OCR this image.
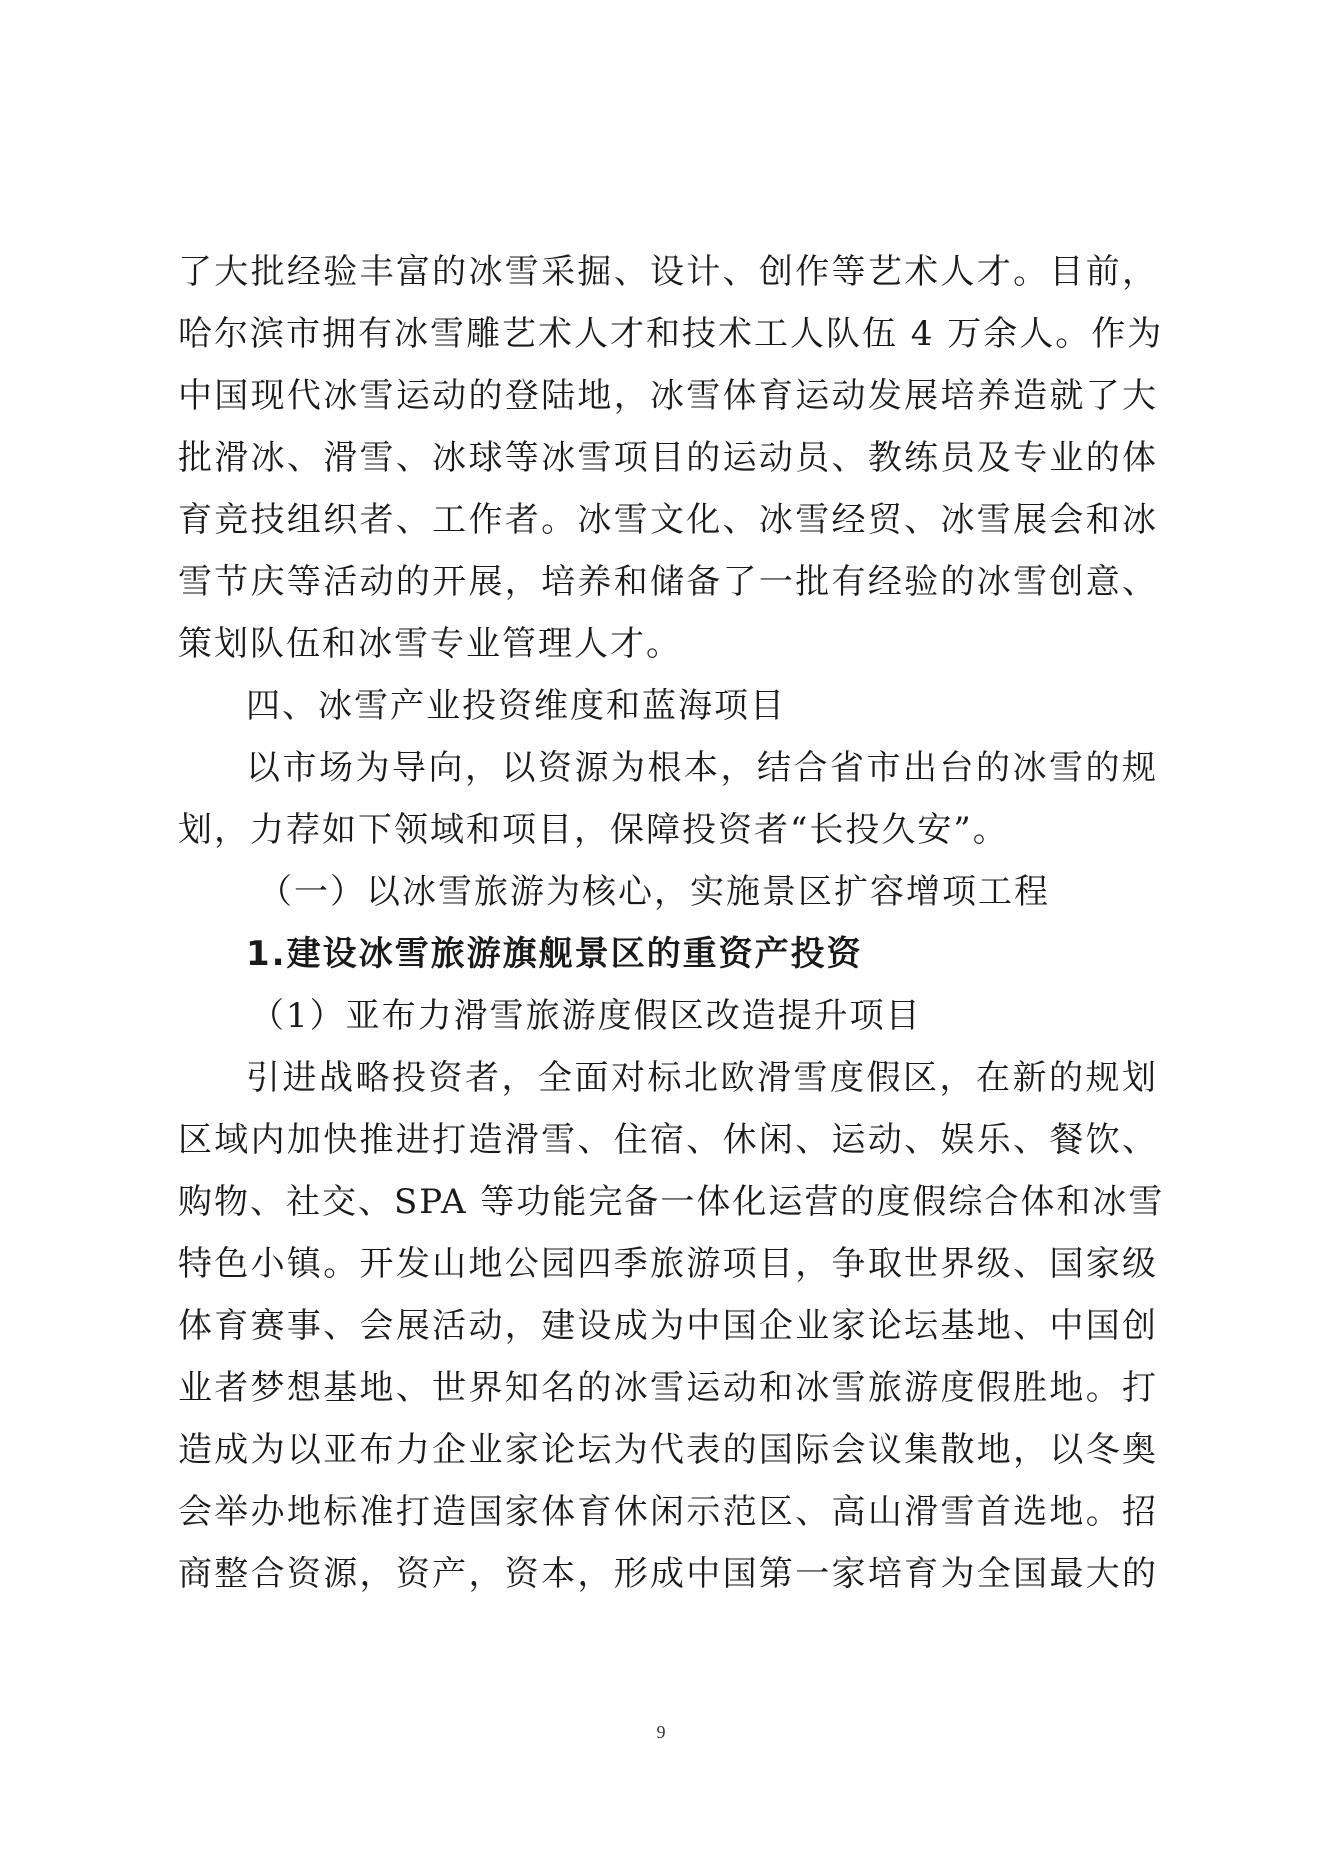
了大批经验丰富的冰雪采掘、设计、创作等艺术人才。目前，
哈尔滨市拥有冰雪雕艺术人才和技术工人队伍 4 万余人。作为
中国现代冰雪运动的登陆地，冰雪体育运动发展培养造就了大
批滑冰、滑雪、冰球等冰雪项目的运动员、教练员及专业的体
育竞技组织者、工作者。冰雪文化、冰雪经贸、冰雪展会和冰
雪节庆等活动的开展，培养和储备了一批有经验的冰雪创意、
策划队伍和冰雪专业管理人才。
四、冰雪产业投资维度和蓝海项目
以市场为导向，以资源为根本，结合省市出台的冰雪的规
划，力荐如下领域和项目，保障投资者“长投久安”。
（一）以冰雪旅游为核心，实施景区扩容增项工程
1.建设冰雪旅游旗舰景区的重资产投资
（1）亚布力滑雪旅游度假区改造提升项目
引进战略投资者，全面对标北欧滑雪度假区，在新的规划
区域内加快推进打造滑雪、住宿、休闲、运动、娱乐、餐饮、
购物、社交、SPA 等功能完备一体化运营的度假综合体和冰雪
特色小镇。开发山地公园四季旅游项目，争取世界级、国家级
体育赛事、会展活动，建设成为中国企业家论坛基地、中国创
业者梦想基地、世界知名的冰雪运动和冰雪旅游度假胜地。打
造成为以亚布力企业家论坛为代表的国际会议集散地，以冬奥
会举办地标准打造国家体育休闲示范区、高山滑雪首选地。招
商整合资源，资产，资本，形成中国第一家培育为全国最大的
9
